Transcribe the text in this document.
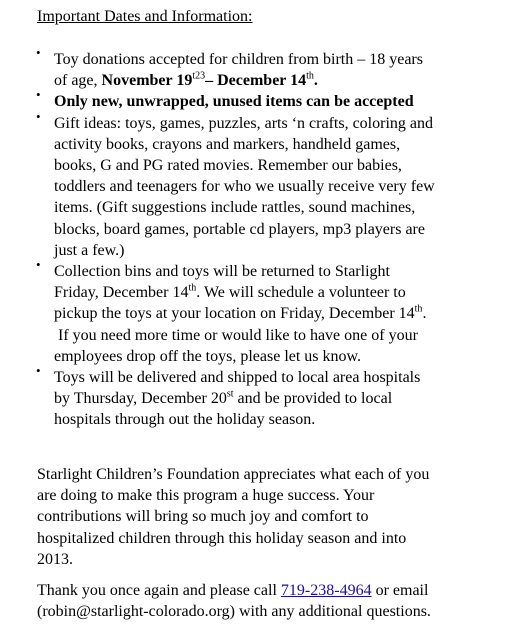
Important Dates and Information:
• Toy donations accepted for children from birth – 18 years
of age, November $19^{t23}-$ December 14th.
• Only new, unwrapped, unused items can be accepted
• Gift ideas: toys, games, puzzles, arts ‘n crafts, coloring and
activity books, crayons and markers, handheld games,
books, G and PG rated movies. Remember our babies,
toddlers and teenagers for who we usually receive very few
items. (Gift suggestions include rattles, sound machines,
blocks, board games, portable cd players, mp3 players are
just a few.)
• Collection bins and toys will be returned to Starlight
Friday, December 14th. We will schedule a volunteer to
pickup the toys at your location on Friday, December 14th.
If you need more time or would like to have one of your
employees drop off the toys, please let us know.
• Toys will be delivered and shipped to local area hospitals
by Thursday, December 20st and be provided to local
hospitals through out the holiday season.
Starlight Children’s Foundation appreciates what each of you
are doing to make this program a huge success. Your
contributions will bring so much joy and comfort to
hospitalized children through this holiday season and into
2013.
Thank you once again and please call 719-238-4964 or email
(robin@starlight-colorado.org) with any additional questions.
